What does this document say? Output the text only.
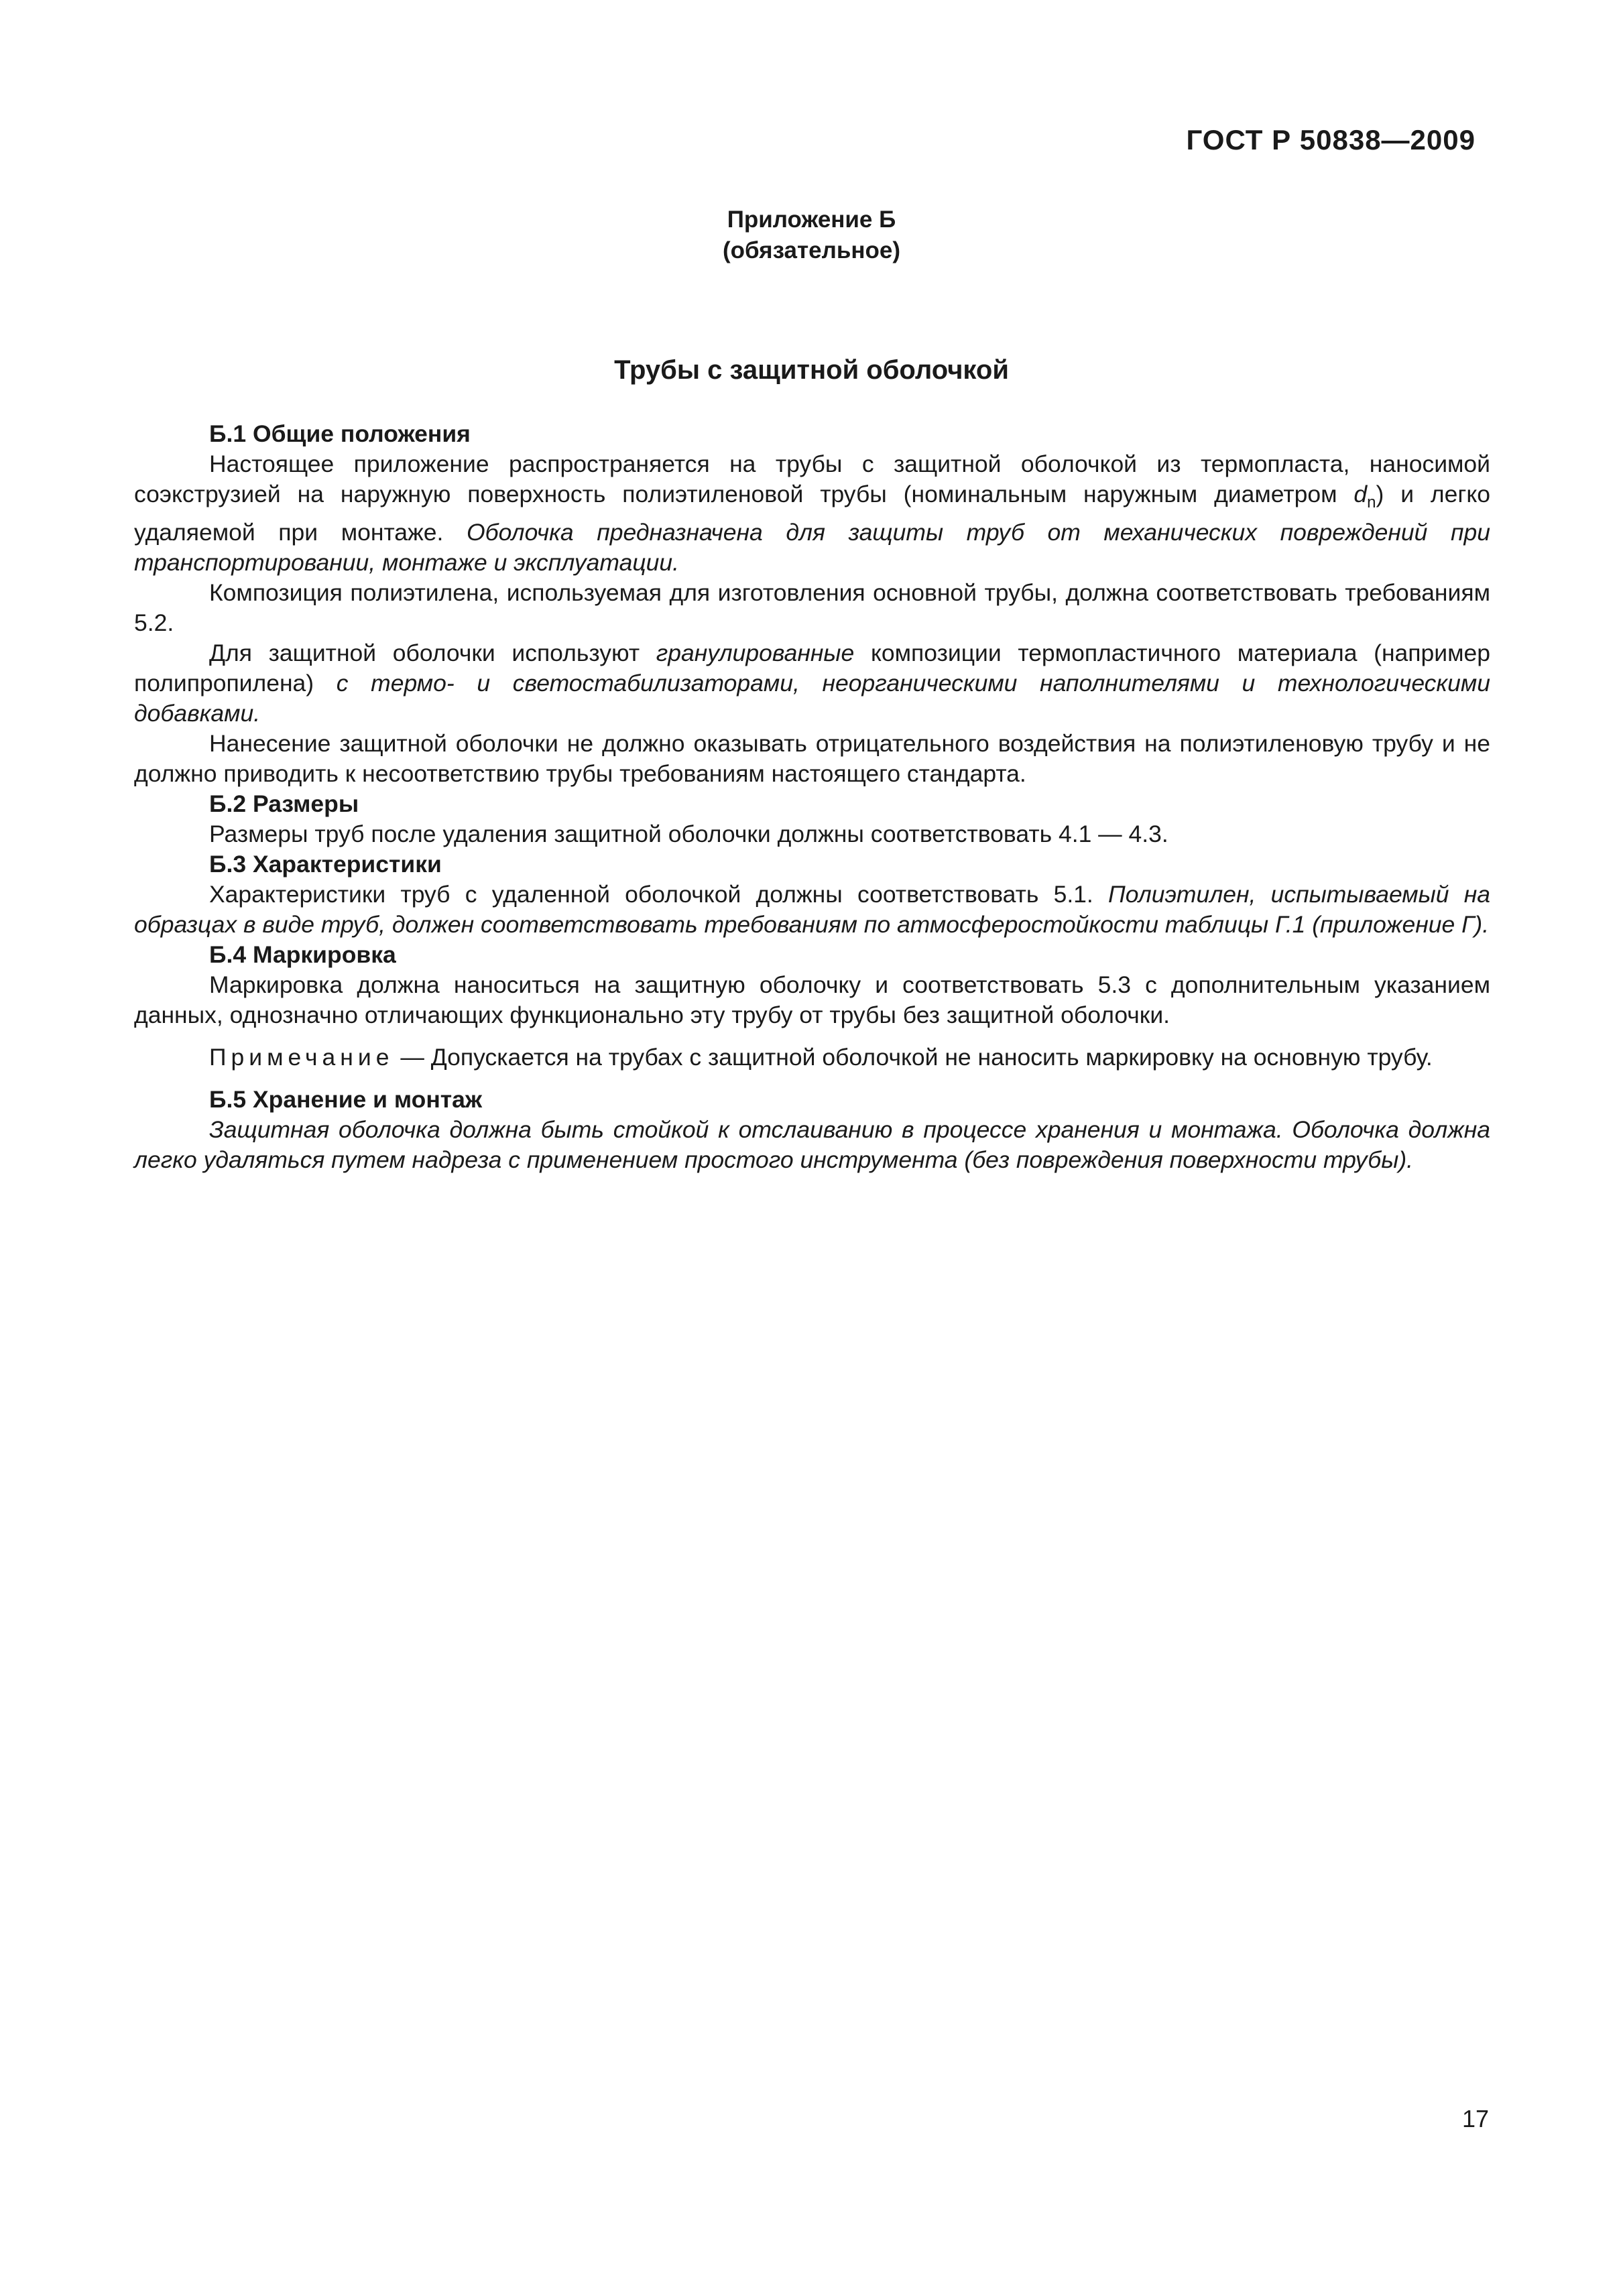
ГОСТ Р 50838—2009
Приложение Б
(обязательное)
Трубы с защитной оболочкой
Б.1 Общие положения

Настоящее приложение распространяется на трубы с защитной оболочкой из термопласта, наносимой соэкструзией на наружную поверхность полиэтиленовой трубы (номинальным наружным диаметром $d_n$) и легко удаляемой при монтаже. Оболочка предназначена для защиты труб от механических повреждений при транспортировании, монтаже и эксплуатации.

Композиция полиэтилена, используемая для изготовления основной трубы, должна соответствовать требованиям 5.2.

Для защитной оболочки используют гранулированные композиции термопластичного материала (например полипропилена) с термо- и светостабилизаторами, неорганическими наполнителями и технологическими добавками.

Нанесение защитной оболочки не должно оказывать отрицательного воздействия на полиэтиленовую трубу и не должно приводить к несоответствию трубы требованиям настоящего стандарта.

Б.2 Размеры

Размеры труб после удаления защитной оболочки должны соответствовать 4.1 — 4.3.

Б.3 Характеристики

Характеристики труб с удаленной оболочкой должны соответствовать 5.1. Полиэтилен, испытываемый на образцах в виде труб, должен соответствовать требованиям по атмосферостойкости таблицы Г.1 (приложение Г).

Б.4 Маркировка

Маркировка должна наноситься на защитную оболочку и соответствовать 5.3 с дополнительным указанием данных, однозначно отличающих функционально эту трубу от трубы без защитной оболочки.

Примечание — Допускается на трубах с защитной оболочкой не наносить маркировку на основную трубу.

Б.5 Хранение и монтаж

Защитная оболочка должна быть стойкой к отслаиванию в процессе хранения и монтажа. Оболочка должна легко удаляться путем надреза с применением простого инструмента (без повреждения поверхности трубы).

17
